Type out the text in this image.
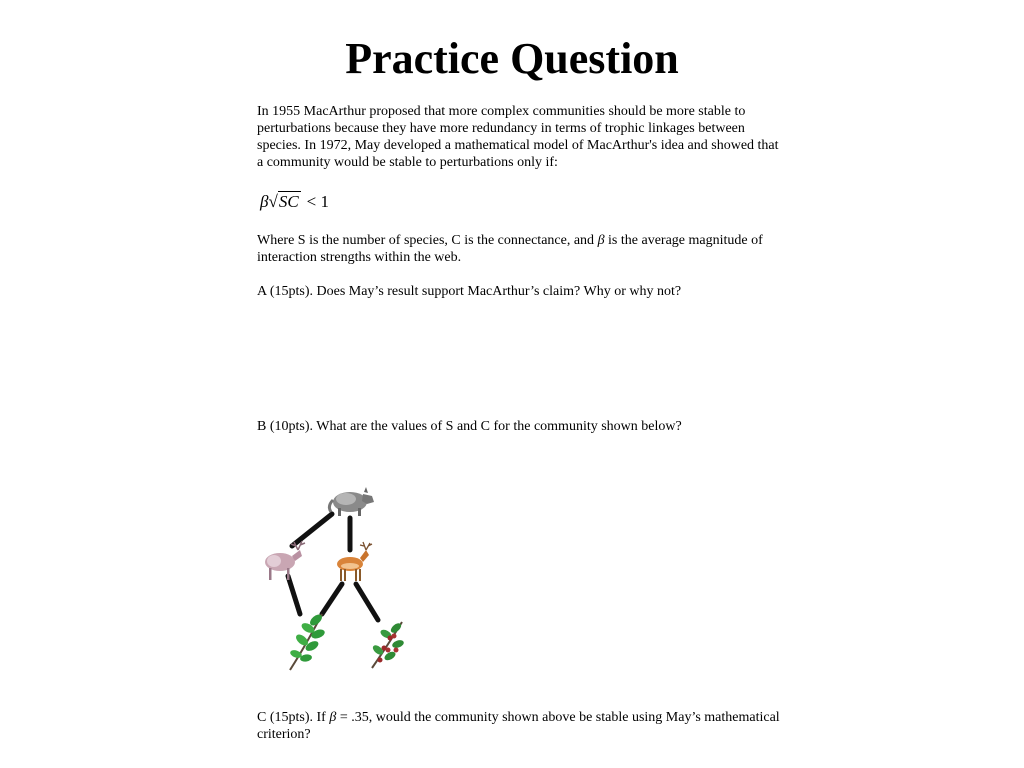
Practice Question
In 1955 MacArthur proposed that more complex communities should be more stable to perturbations because they have more redundancy in terms of trophic linkages between species. In 1972, May developed a mathematical model of MacArthur's idea and showed that a community would be stable to perturbations only if:
β√SC < 1
Where S is the number of species, C is the connectance, and β is the average magnitude of interaction strengths within the web.
A (15pts). Does May’s result support MacArthur’s claim? Why or why not?
B (10pts). What are the values of S and C for the community shown below?
C (15pts). If β = .35, would the community shown above be stable using May’s mathematical criterion?
